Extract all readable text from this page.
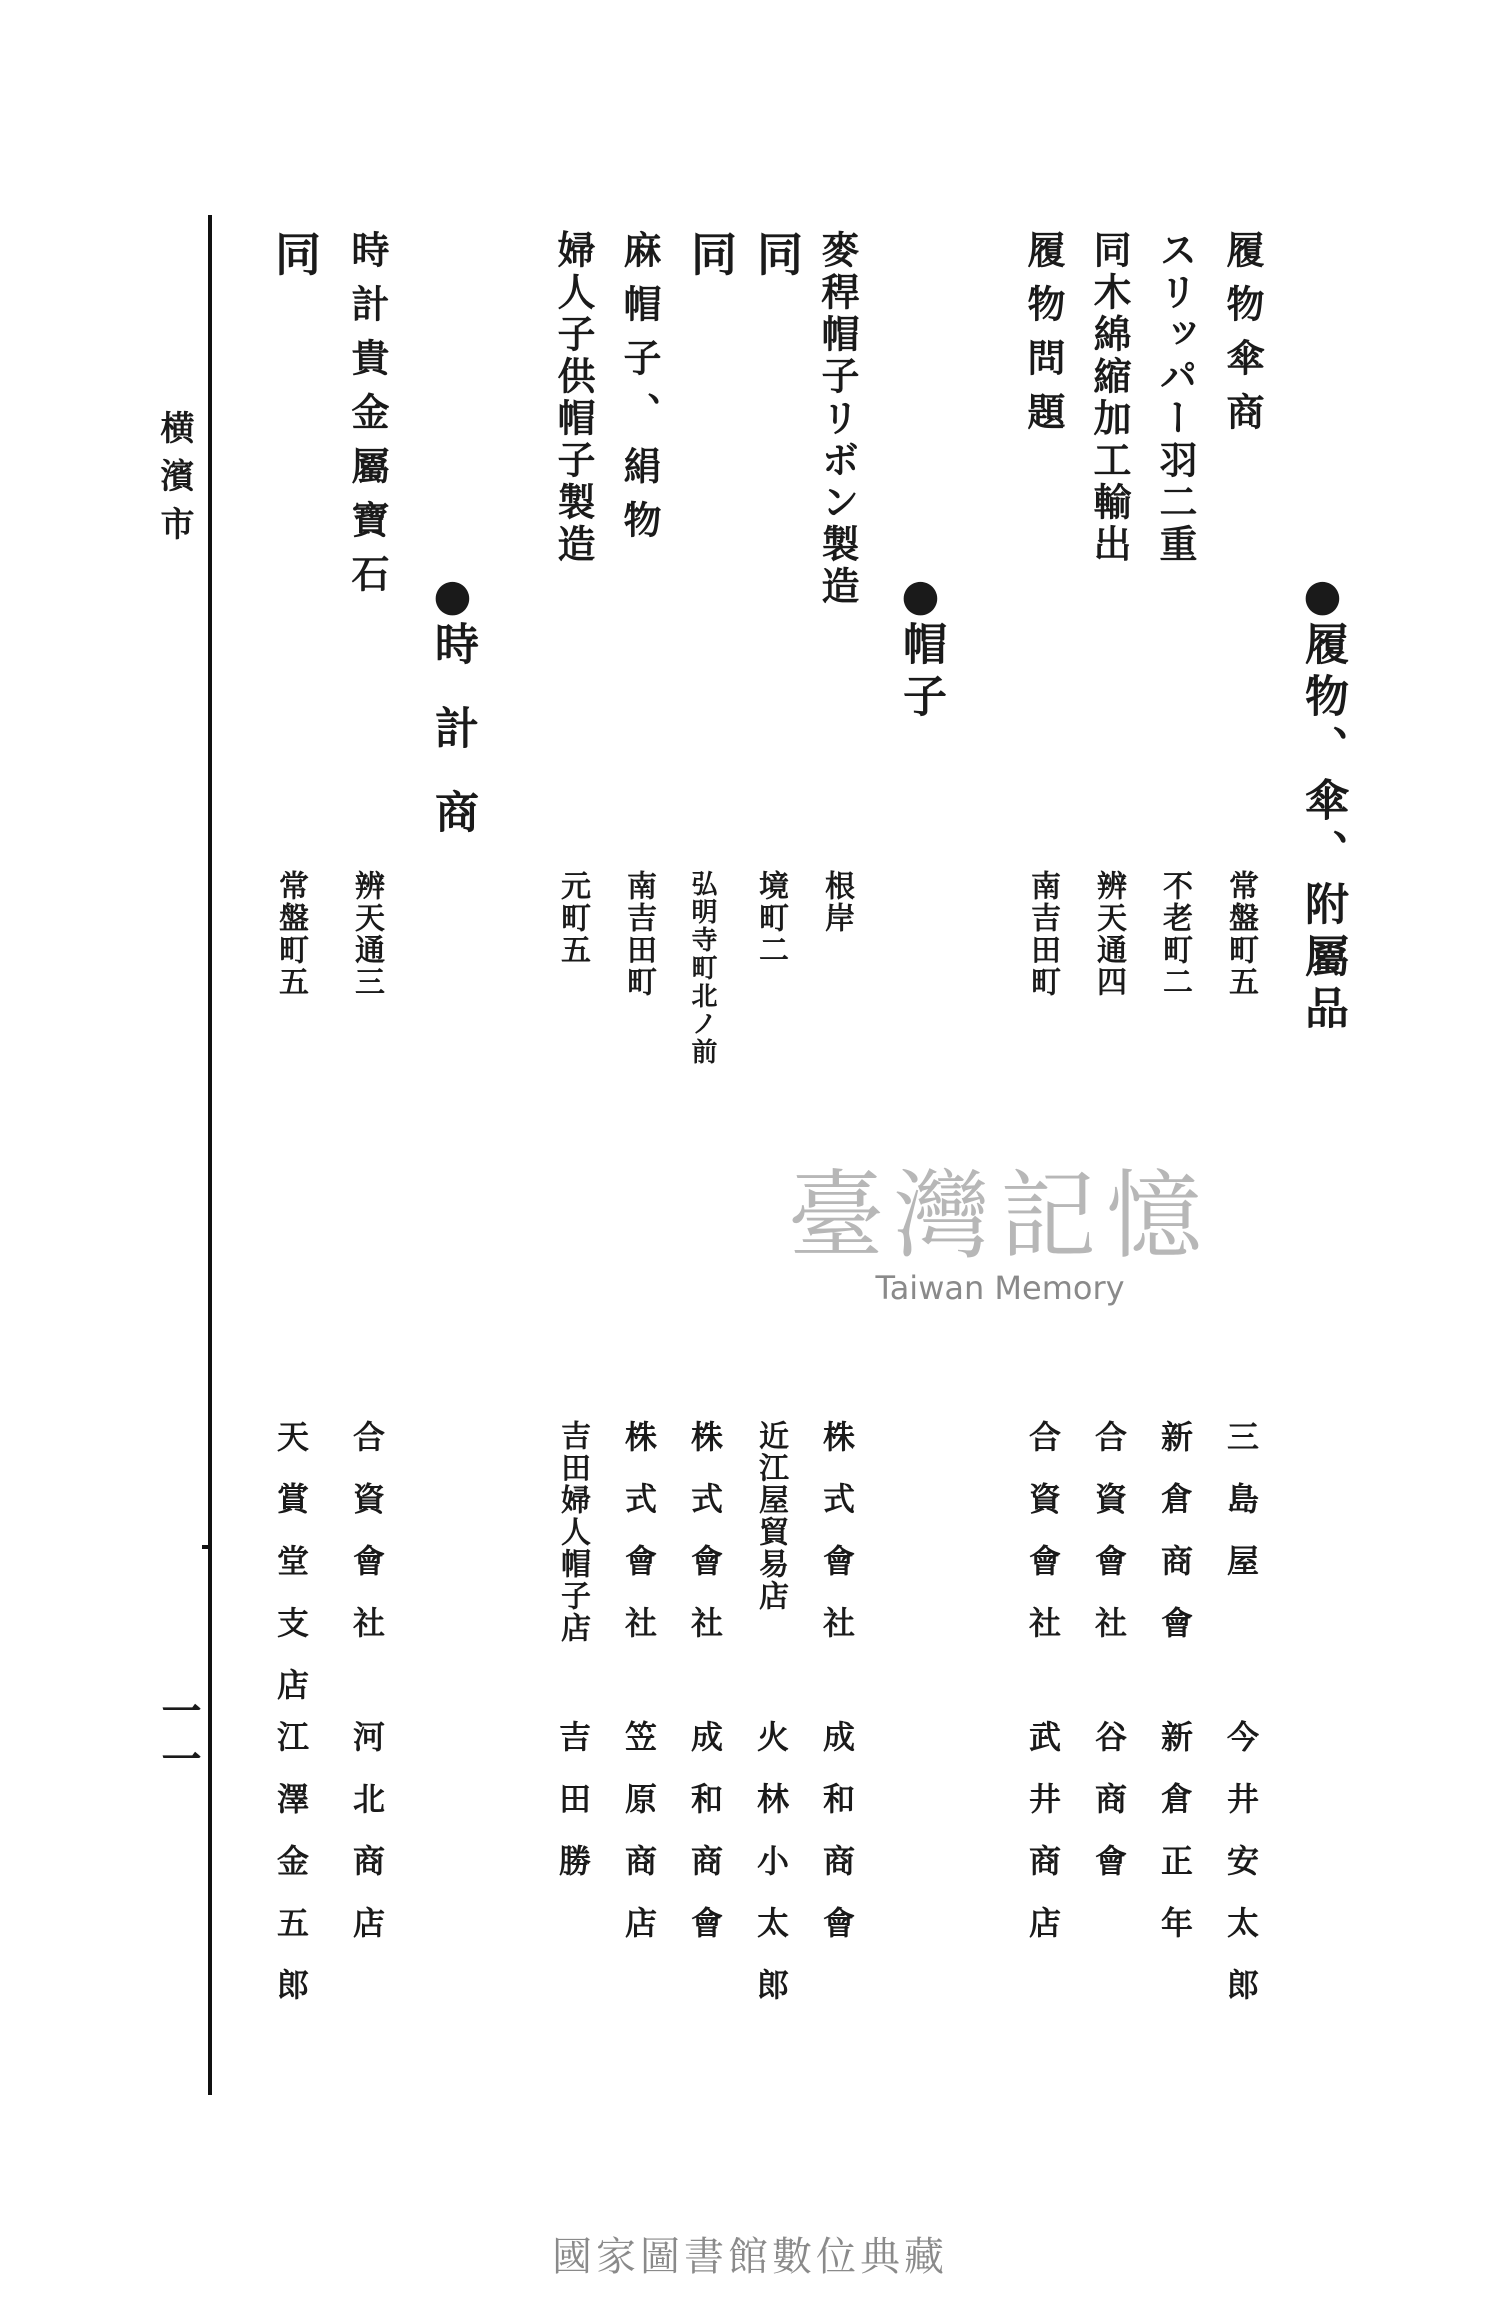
横濱市
一一
●履物、傘、附屬品
履物傘商
常盤町五
三島屋
今井安太郎
スリッパー羽二重
不老町二
新倉商會
新倉正年
同木綿縮加工輸出
辨天通四
合資會社
谷商會
履物問題
南吉田町
合資會社
武井商店
●帽子
麥稈帽子リボン製造
根岸
株式會社
成和商會
同
境町二
近江屋貿易店
火林小太郎
同
弘明寺町北ノ前
株式會社
成和商會
麻帽子、絹物
南吉田町
株式會社
笠原商店
婦人子供帽子製造
元町五
吉田婦人帽子店
吉田勝
●時計商
時計貴金屬寶石
辨天通三
合資會社
河北商店
同
常盤町五
天賞堂支店
江澤金五郎
臺灣記憶
Taiwan Memory
國家圖書館數位典藏
